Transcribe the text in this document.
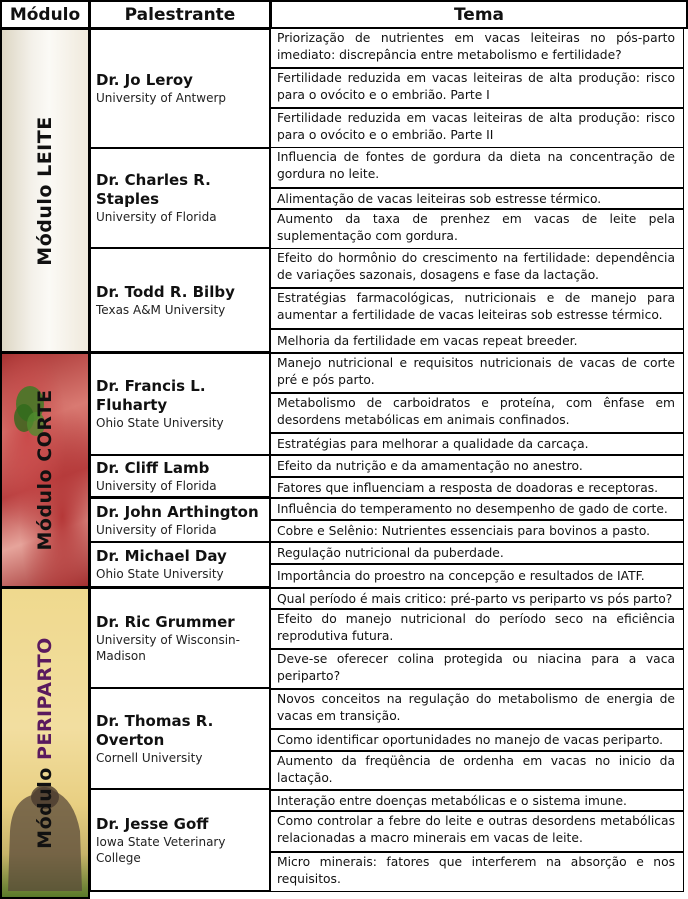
Módulo	Palestrante	Tema
Módulo LEITE
Módulo CORTE
Módulo PERIPARTO
Dr. Jo Leroy
University of Antwerp
Dr. Charles R. Staples
University of Florida
Dr. Todd R. Bilby
Texas A&M University
Dr. Francis L. Fluharty
Ohio State University
Dr. Cliff Lamb
University of Florida
Dr. John Arthington
University of Florida
Dr. Michael Day
Ohio State University
Dr. Ric Grummer
University of Wisconsin-Madison
Dr. Thomas R. Overton
Cornell University
Dr. Jesse Goff
Iowa State Veterinary College
Priorização de nutrientes em vacas leiteiras no pós-parto imediato: discrepância entre metabolismo e fertilidade?
Fertilidade reduzida em vacas leiteiras de alta produção: risco para o ovócito e o embrião. Parte I
Fertilidade reduzida em vacas leiteiras de alta produção: risco para o ovócito e o embrião. Parte II
Influencia de fontes de gordura da dieta na concentração de gordura no leite.
Alimentação de vacas leiteiras sob estresse térmico.
Aumento da taxa de prenhez em vacas de leite pela suplementação com gordura.
Efeito do hormônio do crescimento na fertilidade: dependência de variações sazonais, dosagens e fase da lactação.
Estratégias farmacológicas, nutricionais e de manejo para aumentar a fertilidade de vacas leiteiras sob estresse térmico.
Melhoria da fertilidade em vacas repeat breeder.
Manejo nutricional e requisitos nutricionais de vacas de corte pré e pós parto.
Metabolismo de carboidratos e proteína, com ênfase em desordens metabólicas em animais confinados.
Estratégias para melhorar a qualidade da carcaça.
Efeito da nutrição e da amamentação no anestro.
Fatores que influenciam a resposta de doadoras e receptoras.
Influência do temperamento no desempenho de gado de corte.
Cobre e Selênio: Nutrientes essenciais para bovinos a pasto.
Regulação nutricional da puberdade.
Importância do proestro na concepção e resultados de IATF.
Qual período é mais critico: pré-parto vs periparto vs pós parto?
Efeito do manejo nutricional do período seco na eficiência reprodutiva futura.
Deve-se oferecer colina protegida ou niacina para a vaca periparto?
Novos conceitos na regulação do metabolismo de energia de vacas em transição.
Como identificar oportunidades no manejo de vacas periparto.
Aumento da freqüência de ordenha em vacas no inicio da lactação.
Interação entre doenças metabólicas e o sistema imune.
Como controlar a febre do leite e outras desordens metabólicas relacionadas a macro minerais em vacas de leite.
Micro minerais: fatores que interferem na absorção e nos requisitos.
